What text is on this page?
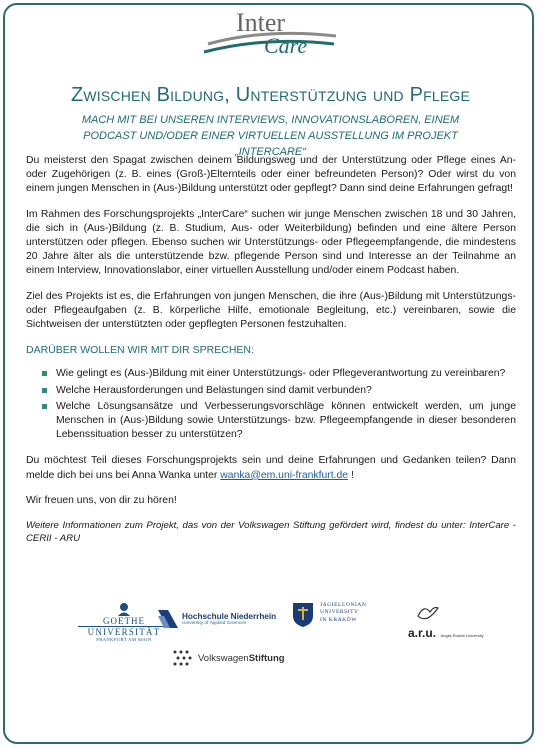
Inter
Care
Zwischen Bildung, Unterstützung und Pflege
MACH MIT BEI UNSEREN INTERVIEWS, INNOVATIONSLABOREN, EINEM PODCAST UND/ODER EINER VIRTUELLEN AUSSTELLUNG IM PROJEKT „INTERCARE“

Du meisterst den Spagat zwischen deinem Bildungsweg und der Unterstützung oder Pflege eines An- oder Zugehörigen (z. B. eines (Groß-)Elternteils oder einer befreundeten Person)? Oder wirst du von einem jungen Menschen in (Aus-)Bildung unterstützt oder gepflegt? Dann sind deine Erfahrungen gefragt!

Im Rahmen des Forschungsprojekts „InterCare“ suchen wir junge Menschen zwischen 18 und 30 Jahren, die sich in (Aus-)Bildung (z. B. Studium, Aus- oder Weiterbildung) befinden und eine ältere Person unterstützen oder pflegen. Ebenso suchen wir Unterstützungs- oder Pflegeempfangende, die mindestens 20 Jahre älter als die unterstützende bzw. pflegende Person sind und Interesse an der Teilnahme an einem Interview, Innovationslabor, einer virtuellen Ausstellung und/oder einem Podcast haben.

Ziel des Projekts ist es, die Erfahrungen von jungen Menschen, die ihre (Aus-)Bildung mit Unterstützungs- oder Pflegeaufgaben (z. B. körperliche Hilfe, emotionale Begleitung, etc.) vereinbaren, sowie die Sichtweisen der unterstützten oder gepflegten Personen festzuhalten.

DARÜBER WOLLEN WIR MIT DIR SPRECHEN:
Wie gelingt es (Aus-)Bildung mit einer Unterstützungs- oder Pflegeverantwortung zu vereinbaren?
Welche Herausforderungen und Belastungen sind damit verbunden?
Welche Lösungsansätze und Verbesserungsvorschläge können entwickelt werden, um junge Menschen in (Aus-)Bildung sowie Unterstützungs- bzw. Pflegeempfangende in dieser besonderen Lebenssituation besser zu unterstützen?

Du möchtest Teil dieses Forschungsprojekts sein und deine Erfahrungen und Gedanken teilen? Dann melde dich bei uns bei Anna Wanka unter wanka@em.uni-frankfurt.de !

Wir freuen uns, von dir zu hören!

Weitere Informationen zum Projekt, das von der Volkswagen Stiftung gefördert wird, findest du unter: InterCare - CERII - ARU

GOETHE
UNIVERSITÄT
FRANKFURT AM MAIN
Hochschule Niederrhein
University of Applied Sciences
JAGIELLONIAN
UNIVERSITY
IN KRAKÓW
a.r.u. Anglia Ruskin University
VolkswagenStiftung
